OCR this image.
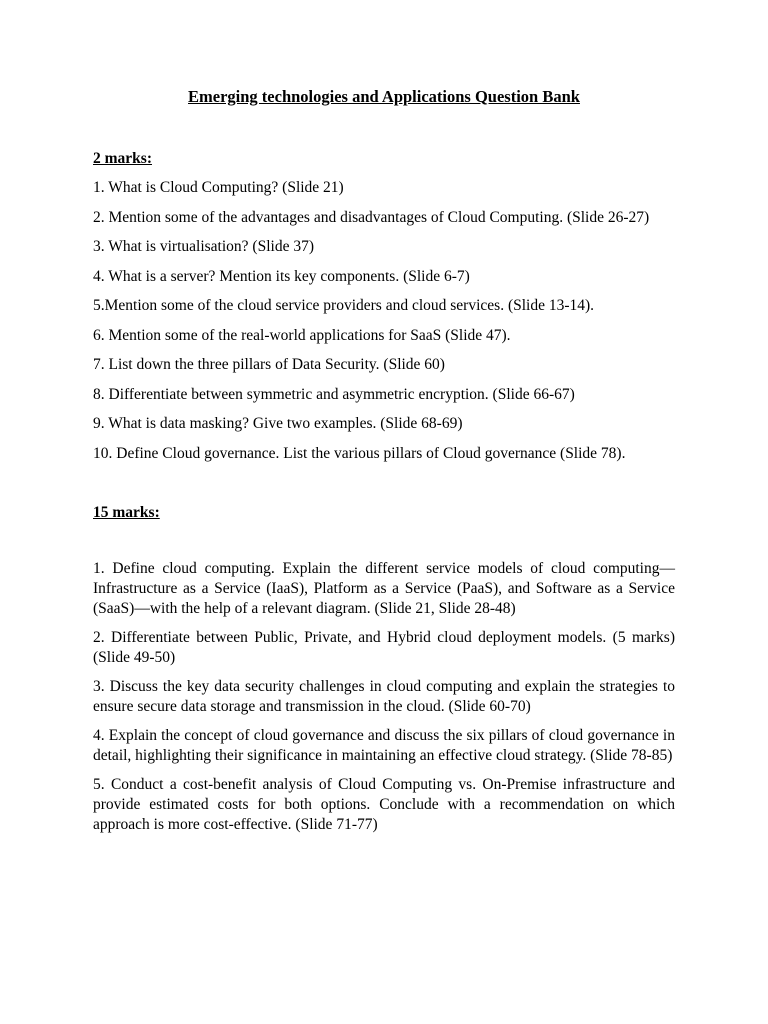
Emerging technologies and Applications Question Bank

2 marks:

1. What is Cloud Computing? (Slide 21)

2. Mention some of the advantages and disadvantages of Cloud Computing. (Slide 26-27)

3. What is virtualisation? (Slide 37)

4. What is a server? Mention its key components. (Slide 6-7)

5.Mention some of the cloud service providers and cloud services. (Slide 13-14).

6. Mention some of the real-world applications for SaaS (Slide 47).

7. List down the three pillars of Data Security. (Slide 60)

8. Differentiate between symmetric and asymmetric encryption. (Slide 66-67)

9. What is data masking? Give two examples. (Slide 68-69)

10. Define Cloud governance. List the various pillars of Cloud governance (Slide 78).

15 marks:

1. Define cloud computing. Explain the different service models of cloud computing—Infrastructure as a Service (IaaS), Platform as a Service (PaaS), and Software as a Service (SaaS)—with the help of a relevant diagram. (Slide 21, Slide 28-48)

2. Differentiate between Public, Private, and Hybrid cloud deployment models. (5 marks) (Slide 49-50)

3. Discuss the key data security challenges in cloud computing and explain the strategies to ensure secure data storage and transmission in the cloud. (Slide 60-70)

4. Explain the concept of cloud governance and discuss the six pillars of cloud governance in detail, highlighting their significance in maintaining an effective cloud strategy. (Slide 78-85)

5. Conduct a cost-benefit analysis of Cloud Computing vs. On-Premise infrastructure and provide estimated costs for both options. Conclude with a recommendation on which approach is more cost-effective. (Slide 71-77)
